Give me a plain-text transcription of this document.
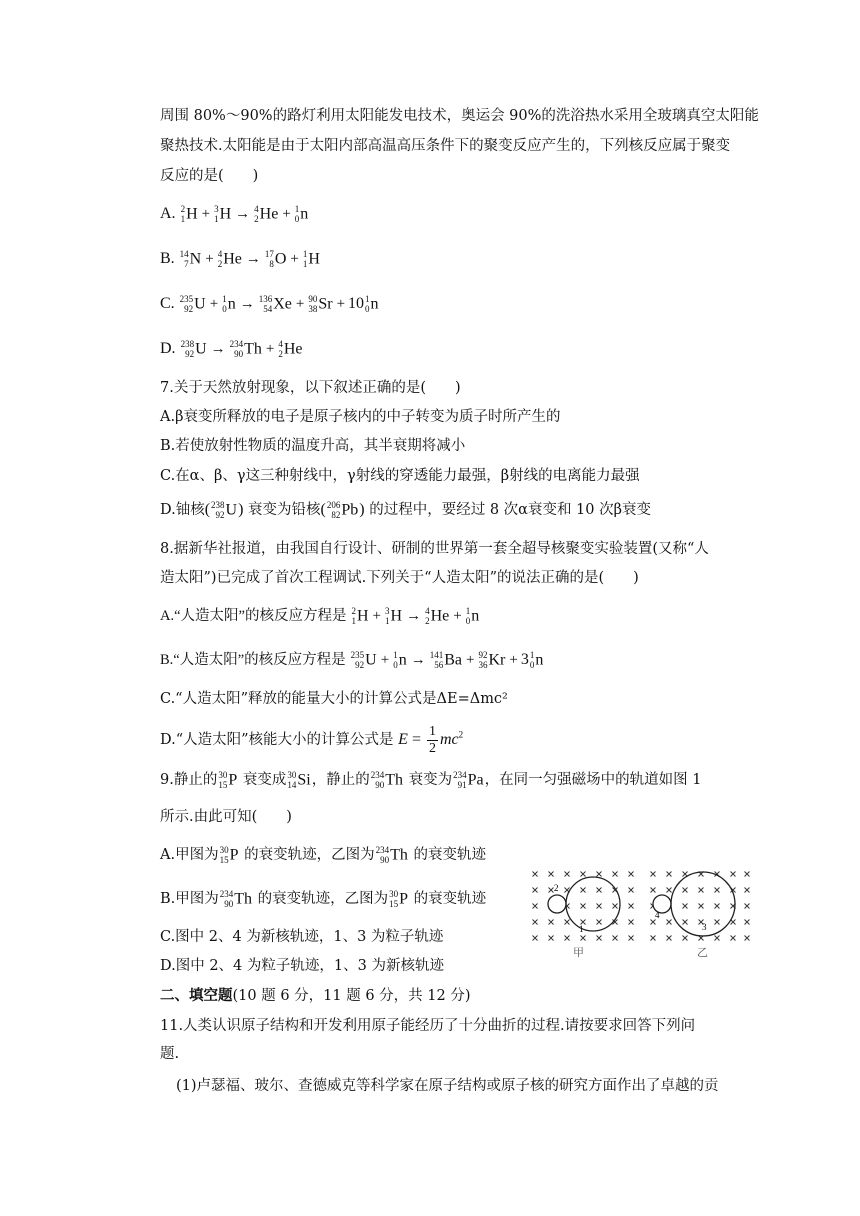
周围 80%～90%的路灯利用太阳能发电技术，奥运会 90%的洗浴热水采用全玻璃真空太阳能
聚热技术.太阳能是由于太阳内部高温高压条件下的聚变反应产生的，下列核反应属于聚变
反应的是(　　)
A. 2
1 H + 3
1 H → 4
2 He + 1
0 n
B. 14
7 N + 4
2 He → 17
8 O + 1
1 H
C. 235
92 U + 1
0 n → 136
54 Xe + 90
38 Sr + 10 1
0 n
D. 238
92 U → 234
90 Th + 4
2 He
7.关于天然放射现象，以下叙述正确的是(　　)
A.β衰变所释放的电子是原子核内的中子转变为质子时所产生的
B.若使放射性物质的温度升高，其半衰期将减小
C.在α、β、γ这三种射线中，γ射线的穿透能力最强，β射线的电离能力最强
D.铀核( 238
92 U) 衰变为铅核( 206
82 Pb) 的过程中，要经过 8 次α衰变和 10 次β衰变
8.据新华社报道，由我国自行设计、研制的世界第一套全超导核聚变实验装置(又称“人
造太阳”)已完成了首次工程调试.下列关于“人造太阳”的说法正确的是(　　)
A.“人造太阳”的核反应方程是 2
1 H + 3
1 H → 4
2 He + 1
0 n
B.“人造太阳”的核反应方程是 235
92 U + 1
0 n → 141
56 Ba + 92
36 Kr + 3 1
0 n
C.“人造太阳”释放的能量大小的计算公式是ΔE=Δmc²
D.“人造太阳”核能大小的计算公式是 $E = \frac{1}{2} mc^2$
9.静止的 30
15 P 衰变成 30
14 Si，静止的 234
90 Th 衰变为 234
91 Pa，在同一匀强磁场中的轨道如图 1
所示.由此可知(　　)
A.甲图为 30
15 P 的衰变轨迹，乙图为 234
90 Th 的衰变轨迹
B.甲图为 234
90 Th 的衰变轨迹，乙图为 30
15 P 的衰变轨迹
C.图中 2、4 为新核轨迹，1、3 为粒子轨迹
D.图中 2、4 为粒子轨迹，1、3 为新核轨迹
2
1
4
3
甲	乙
二、填空题(10 题 6 分，11 题 6 分，共 12 分)
11.人类认识原子结构和开发利用原子能经历了十分曲折的过程.请按要求回答下列问
题.
(1)卢瑟福、玻尔、查德威克等科学家在原子结构或原子核的研究方面作出了卓越的贡
